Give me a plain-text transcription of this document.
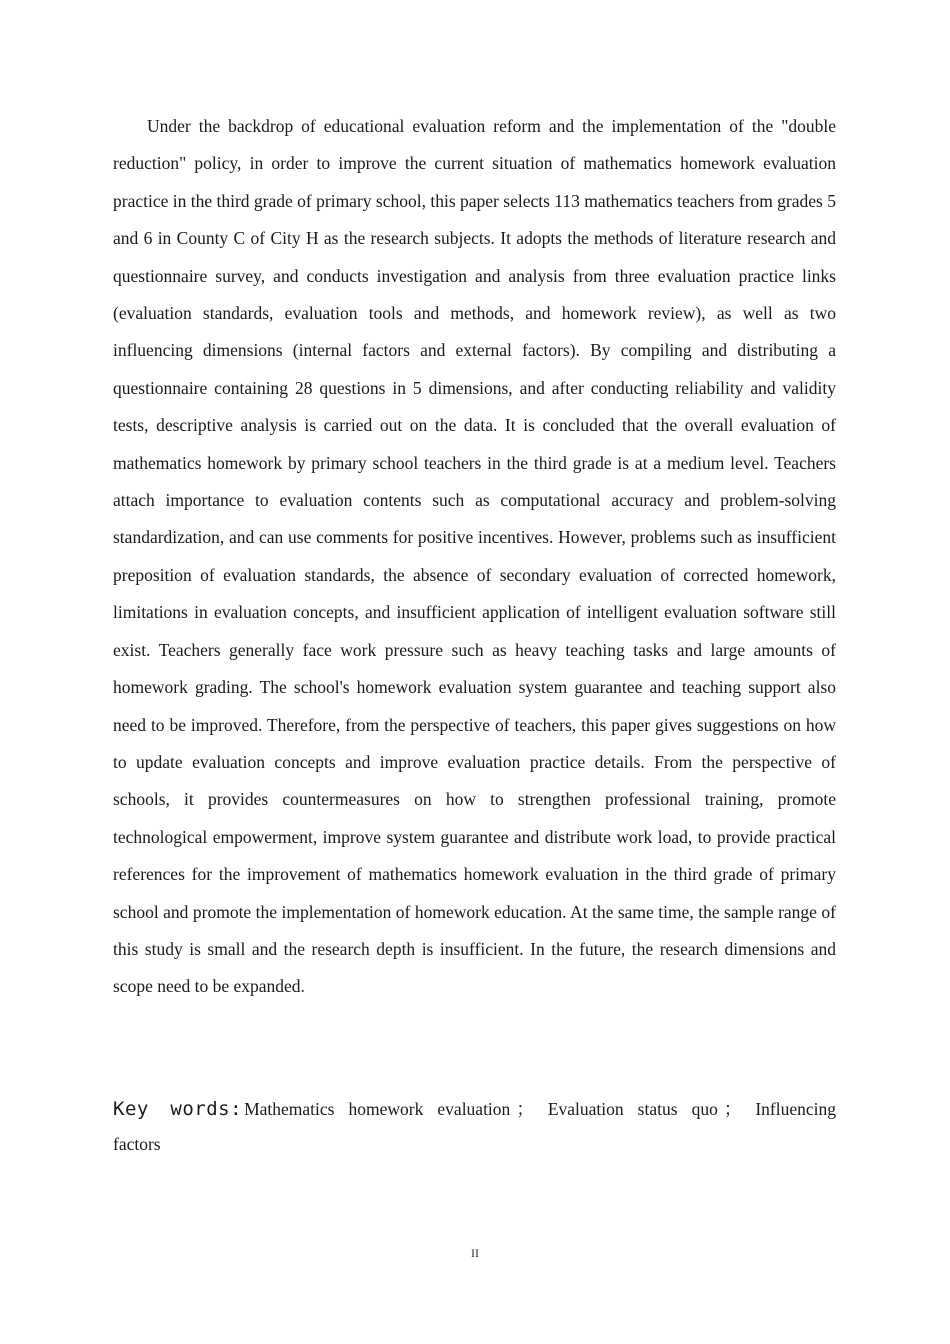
Under the backdrop of educational evaluation reform and the implementation of the "double reduction" policy, in order to improve the current situation of mathematics homework evaluation practice in the third grade of primary school, this paper selects 113 mathematics teachers from grades 5 and 6 in County C of City H as the research subjects. It adopts the methods of literature research and questionnaire survey, and conducts investigation and analysis from three evaluation practice links (evaluation standards, evaluation tools and methods, and homework review), as well as two influencing dimensions (internal factors and external factors). By compiling and distributing a questionnaire containing 28 questions in 5 dimensions, and after conducting reliability and validity tests, descriptive analysis is carried out on the data. It is concluded that the overall evaluation of mathematics homework by primary school teachers in the third grade is at a medium level. Teachers attach importance to evaluation contents such as computational accuracy and problem-solving standardization, and can use comments for positive incentives. However, problems such as insufficient preposition of evaluation standards, the absence of secondary evaluation of corrected homework, limitations in evaluation concepts, and insufficient application of intelligent evaluation software still exist. Teachers generally face work pressure such as heavy teaching tasks and large amounts of homework grading. The school's homework evaluation system guarantee and teaching support also need to be improved. Therefore, from the perspective of teachers, this paper gives suggestions on how to update evaluation concepts and improve evaluation practice details. From the perspective of schools, it provides countermeasures on how to strengthen professional training, promote technological empowerment, improve system guarantee and distribute work load, to provide practical references for the improvement of mathematics homework evaluation in the third grade of primary school and promote the implementation of homework education. At the same time, the sample range of this study is small and the research depth is insufficient. In the future, the research dimensions and scope need to be expanded.

Key words: Mathematics homework evaluation ； Evaluation status quo ； Influencing factors

II
